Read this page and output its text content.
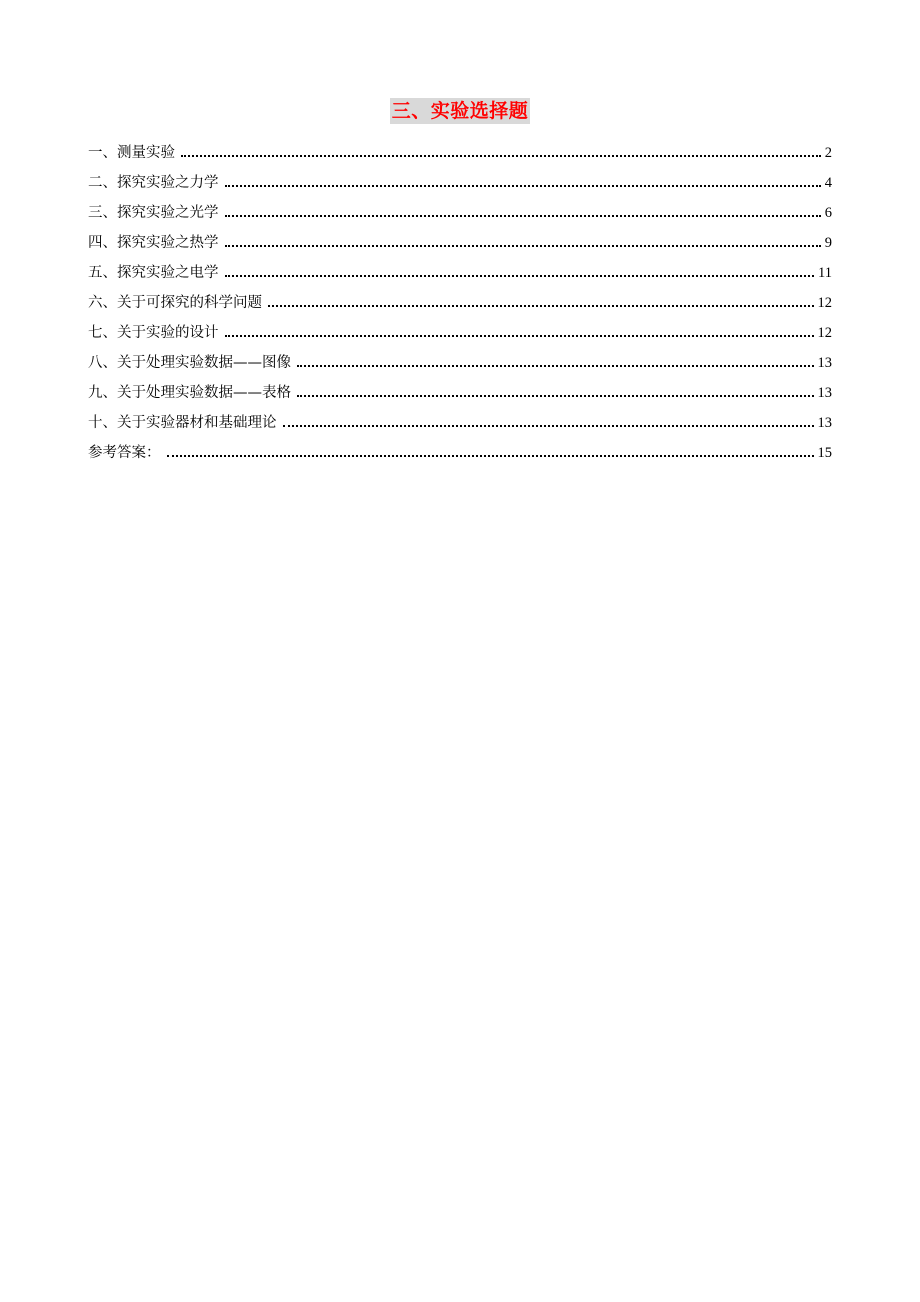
三、实验选择题
一、测量实验	2
二、探究实验之力学	4
三、探究实验之光学	6
四、探究实验之热学	9
五、探究实验之电学	11
六、关于可探究的科学问题	12
七、关于实验的设计	12
八、关于处理实验数据——图像	13
九、关于处理实验数据——表格	13
十、关于实验器材和基础理论	13
参考答案：	15
